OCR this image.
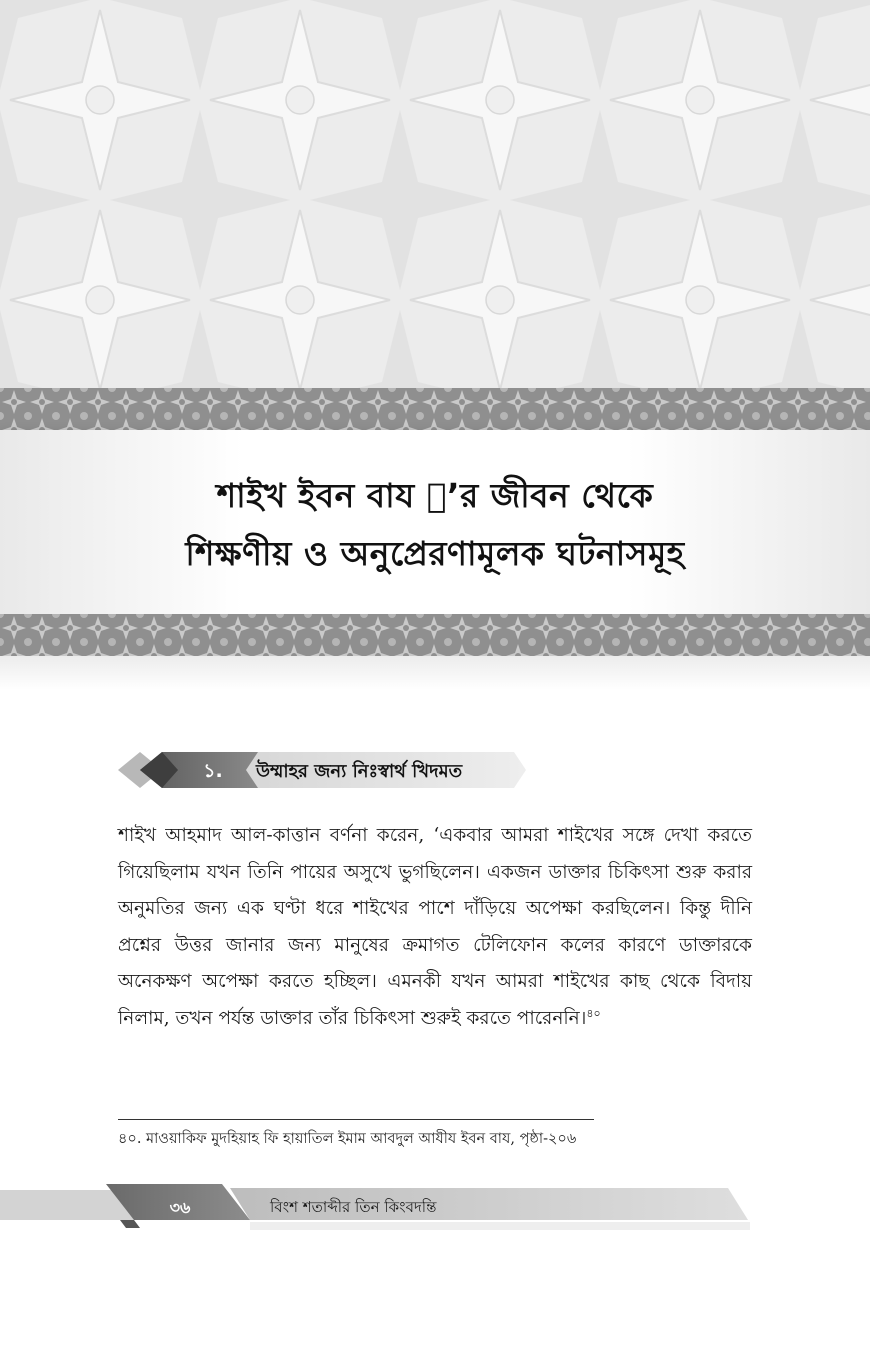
শাইখ ইবন বায ﷫’র জীবন থেকে
শিক্ষণীয় ও অনুপ্রেরণামূলক ঘটনাসমূহ
১.	উম্মাহর জন্য নিঃস্বার্থ খিদমত
শাইখ আহমাদ আল-কাত্তান বর্ণনা করেন, ‘একবার আমরা শাইখের সঙ্গে দেখা করতে গিয়েছিলাম যখন তিনি পায়ের অসুখে ভুগছিলেন। একজন ডাক্তার চিকিৎসা শুরু করার অনুমতির জন্য এক ঘণ্টা ধরে শাইখের পাশে দাঁড়িয়ে অপেক্ষা করছিলেন। কিন্তু দীনি প্রশ্নের উত্তর জানার জন্য মানুষের ক্রমাগত টেলিফোন কলের কারণে ডাক্তারকে অনেকক্ষণ অপেক্ষা করতে হচ্ছিল। এমনকী যখন আমরা শাইখের কাছ থেকে বিদায় নিলাম, তখন পর্যন্ত ডাক্তার তাঁর চিকিৎসা শুরুই করতে পারেননি।$^{৪০}$
৪০. মাওয়াকিফ মুদহিয়াহ ফি হায়াতিল ইমাম আবদুল আযীয ইবন বায, পৃষ্ঠা-২০৬
৩৬	বিংশ শতাব্দীর তিন কিংবদন্তি
